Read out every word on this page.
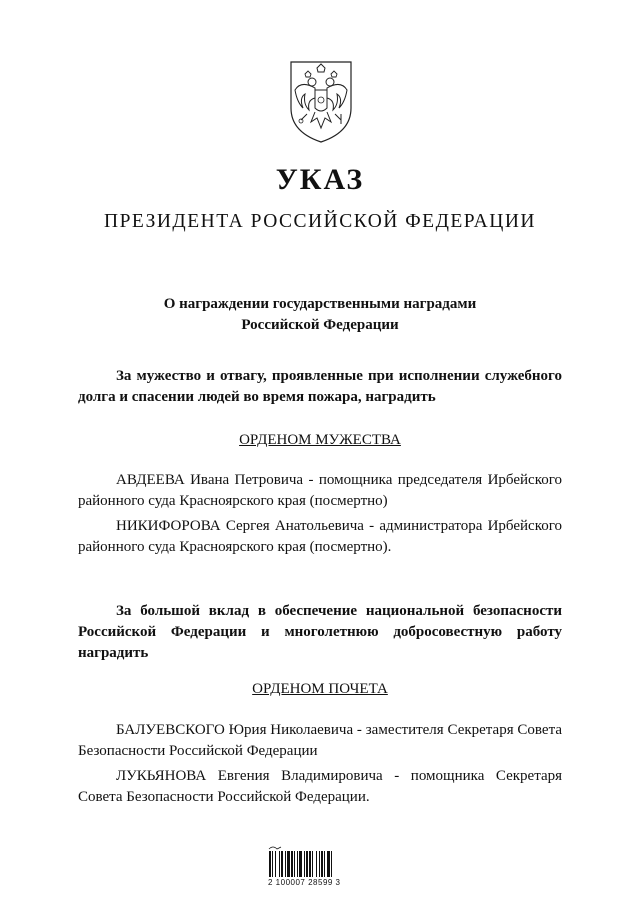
УКАЗ
ПРЕЗИДЕНТА РОССИЙСКОЙ ФЕДЕРАЦИИ
О награждении государственными наградами
Российской Федерации
За мужество и отвагу, проявленные при исполнении служебного долга и спасении людей во время пожара, наградить
ОРДЕНОМ МУЖЕСТВА
АВДЕЕВА Ивана Петровича - помощника председателя Ирбейского районного суда Красноярского края (посмертно)
НИКИФОРОВА Сергея Анатольевича - администратора Ирбейского районного суда Красноярского края (посмертно).
За большой вклад в обеспечение национальной безопасности Российской Федерации и многолетнюю добросовестную работу наградить
ОРДЕНОМ ПОЧЕТА
БАЛУЕВСКОГО Юрия Николаевича - заместителя Секретаря Совета Безопасности Российской Федерации
ЛУКЬЯНОВА Евгения Владимировича - помощника Секретаря Совета Безопасности Российской Федерации.
2 100007 28599 3
